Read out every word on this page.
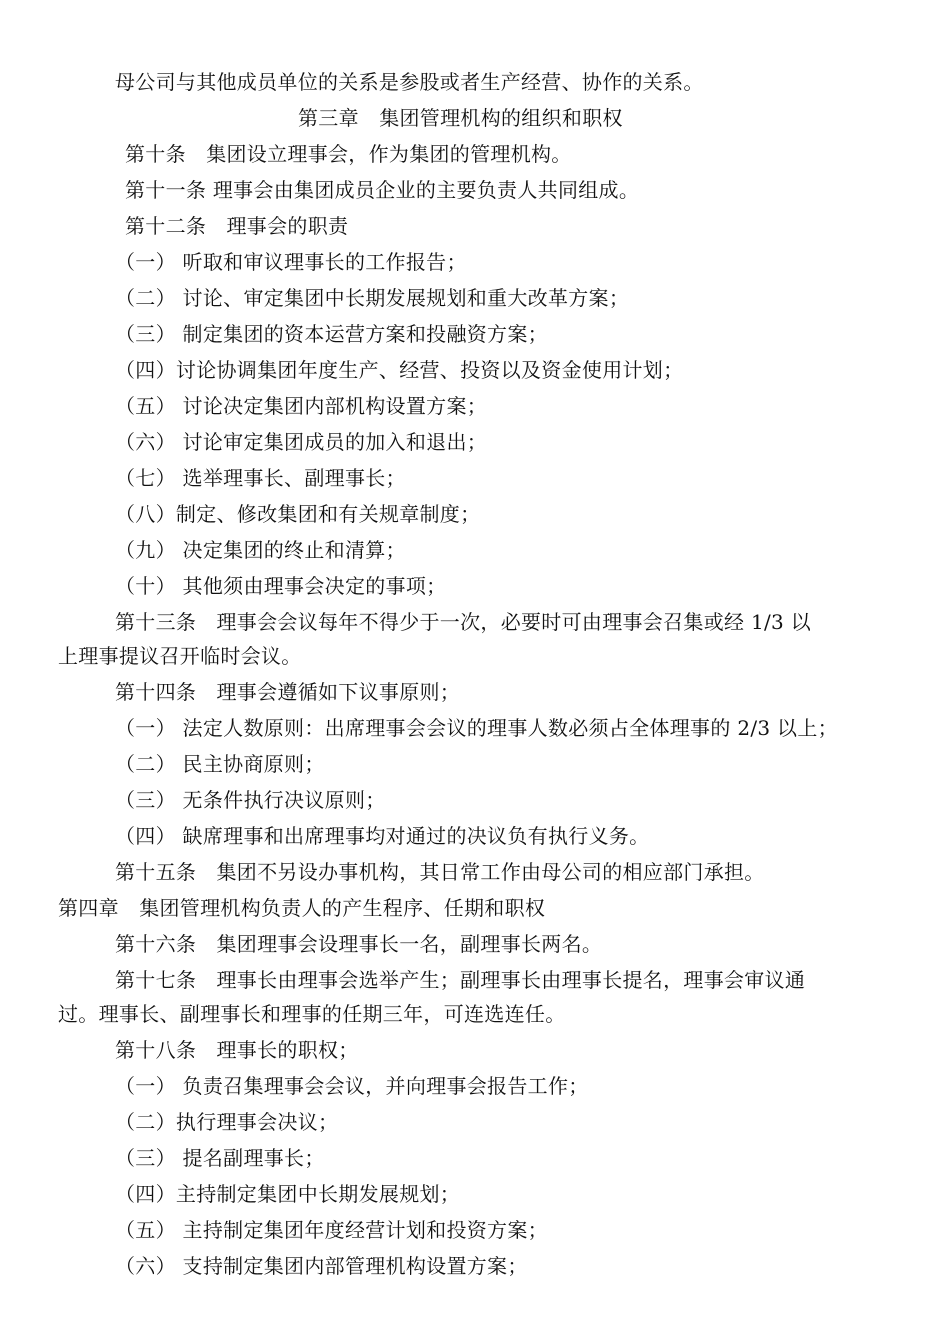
母公司与其他成员单位的关系是参股或者生产经营、协作的关系。
第三章　集团管理机构的组织和职权
第十条　集团设立理事会，作为集团的管理机构。
第十一条 理事会由集团成员企业的主要负责人共同组成。
第十二条　理事会的职责
（一） 听取和审议理事长的工作报告；
（二） 讨论、审定集团中长期发展规划和重大改革方案；
（三） 制定集团的资本运营方案和投融资方案；
（四）讨论协调集团年度生产、经营、投资以及资金使用计划；
（五） 讨论决定集团内部机构设置方案；
（六） 讨论审定集团成员的加入和退出；
（七） 选举理事长、副理事长；
（八）制定、修改集团和有关规章制度；
（九） 决定集团的终止和清算；
（十） 其他须由理事会决定的事项；
第十三条　理事会会议每年不得少于一次，必要时可由理事会召集或经 1/3 以
上理事提议召开临时会议。
第十四条　理事会遵循如下议事原则；
（一） 法定人数原则：出席理事会会议的理事人数必须占全体理事的 2/3 以上；
（二） 民主协商原则；
（三） 无条件执行决议原则；
（四） 缺席理事和出席理事均对通过的决议负有执行义务。
第十五条　集团不另设办事机构，其日常工作由母公司的相应部门承担。
第四章　集团管理机构负责人的产生程序、任期和职权
第十六条　集团理事会设理事长一名，副理事长两名。
第十七条　理事长由理事会选举产生；副理事长由理事长提名，理事会审议通
过。理事长、副理事长和理事的任期三年，可连选连任。
第十八条　理事长的职权；
（一） 负责召集理事会会议，并向理事会报告工作；
（二）执行理事会决议；
（三） 提名副理事长；
（四）主持制定集团中长期发展规划；
（五） 主持制定集团年度经营计划和投资方案；
（六） 支持制定集团内部管理机构设置方案；
